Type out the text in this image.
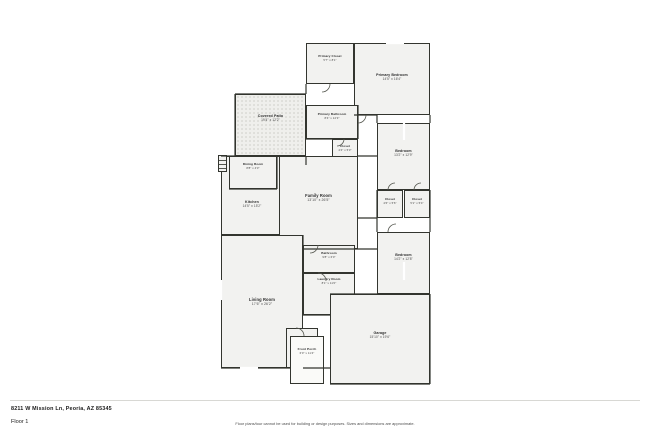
Primary Closet
5'7" x 8'1"
Primary Bedroom
14'5" x 16'4"
Primary Bathroom
8'4" x 12'3"
Closet
4'4" x 5'3"
Covered Patio
19'4" x 12'2"
Dining Room
8'8" x 4'3"
Kitchen
14'5" x 15'2"
Family Room
13'10" x 26'5"
Bedroom
13'2" x 12'9"
Closet
4'6" x 5'6"
Closet
5'1" x 5'4"
Bathroom
9'8" x 6'0"	Bedroom
14'2" x 12'8"
Laundry Room
8'1" x 11'0"
Living Room
17'6" x 26'2"
Front Porch
6'0" x 11'4"
Garage
15'10" x 19'6"
8211 W Mission Ln, Peoria, AZ 85345
Floor 1	Floor plans/tour cannot be used for building or design purposes. Sizes and dimensions are approximate.
